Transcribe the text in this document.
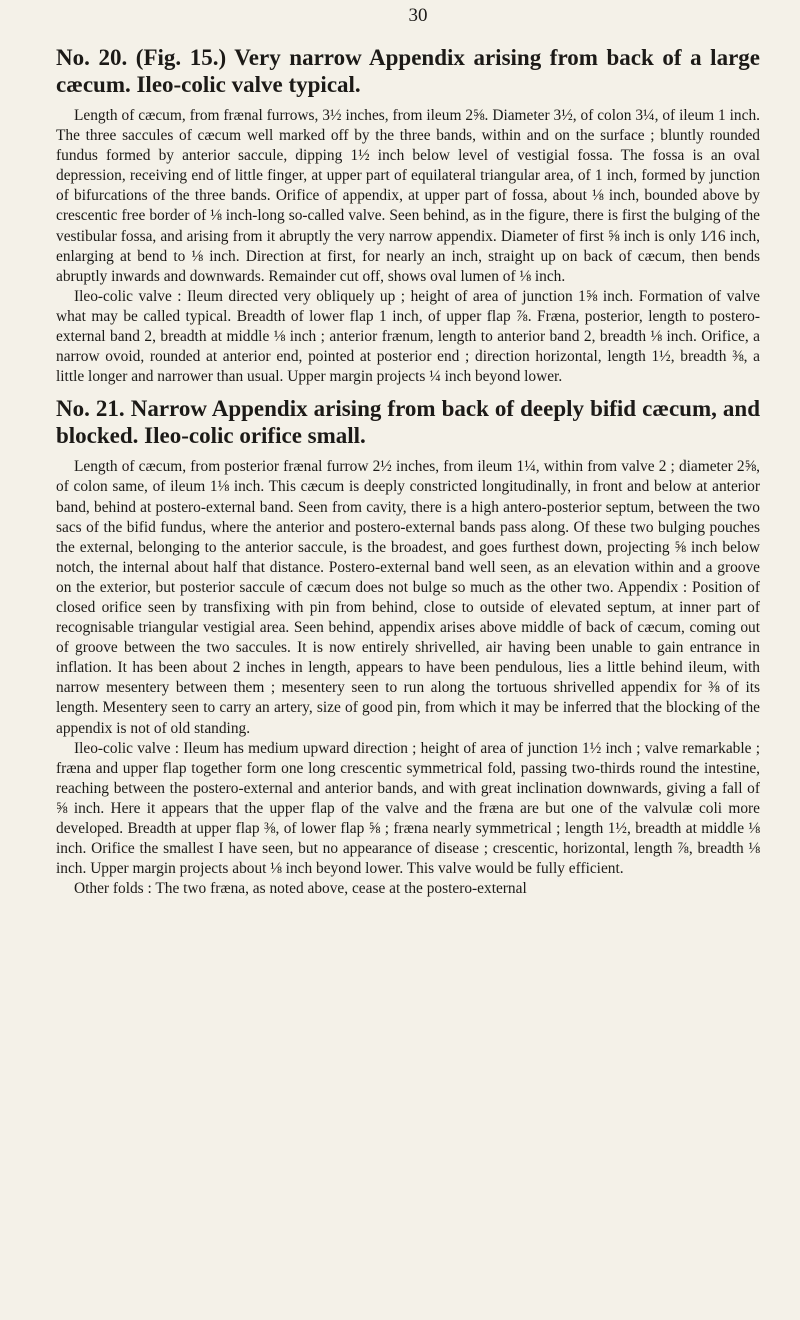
30
No. 20. (Fig. 15.) Very narrow Appendix arising from back of a large cæcum. Ileo-colic valve typical.

Length of cæcum, from frænal furrows, 3½ inches, from ileum 2⅝. Diameter 3½, of colon 3¼, of ileum 1 inch. The three saccules of cæcum well marked off by the three bands, within and on the surface ; bluntly rounded fundus formed by anterior saccule, dipping 1½ inch below level of vestigial fossa. The fossa is an oval depression, receiving end of little finger, at upper part of equilateral triangular area, of 1 inch, formed by junction of bifurcations of the three bands. Orifice of appendix, at upper part of fossa, about ⅛ inch, bounded above by crescentic free border of ⅛ inch-long so-called valve. Seen behind, as in the figure, there is first the bulging of the vestibular fossa, and arising from it abruptly the very narrow appendix. Diameter of first ⅝ inch is only 1⁄16 inch, enlarging at bend to ⅛ inch. Direction at first, for nearly an inch, straight up on back of cæcum, then bends abruptly inwards and downwards. Remainder cut off, shows oval lumen of ⅛ inch.

Ileo-colic valve : Ileum directed very obliquely up ; height of area of junction 1⅝ inch. Formation of valve what may be called typical. Breadth of lower flap 1 inch, of upper flap ⅞. Fræna, posterior, length to postero-external band 2, breadth at middle ⅛ inch ; anterior frænum, length to anterior band 2, breadth ⅛ inch. Orifice, a narrow ovoid, rounded at anterior end, pointed at posterior end ; direction horizontal, length 1½, breadth ⅜, a little longer and narrower than usual. Upper margin projects ¼ inch beyond lower.

No. 21. Narrow Appendix arising from back of deeply bifid cæcum, and blocked. Ileo-colic orifice small.

Length of cæcum, from posterior frænal furrow 2½ inches, from ileum 1¼, within from valve 2 ; diameter 2⅝, of colon same, of ileum 1⅛ inch. This cæcum is deeply constricted longitudinally, in front and below at anterior band, behind at postero-external band. Seen from cavity, there is a high antero-posterior septum, between the two sacs of the bifid fundus, where the anterior and postero-external bands pass along. Of these two bulging pouches the external, belonging to the anterior saccule, is the broadest, and goes furthest down, projecting ⅝ inch below notch, the internal about half that distance. Postero-external band well seen, as an elevation within and a groove on the exterior, but posterior saccule of cæcum does not bulge so much as the other two. Appendix : Position of closed orifice seen by transfixing with pin from behind, close to outside of elevated septum, at inner part of recognisable triangular vestigial area. Seen behind, appendix arises above middle of back of cæcum, coming out of groove between the two saccules. It is now entirely shrivelled, air having been unable to gain entrance in inflation. It has been about 2 inches in length, appears to have been pendulous, lies a little behind ileum, with narrow mesentery between them ; mesentery seen to run along the tortuous shrivelled appendix for ⅜ of its length. Mesentery seen to carry an artery, size of good pin, from which it may be inferred that the blocking of the appendix is not of old standing.

Ileo-colic valve : Ileum has medium upward direction ; height of area of junction 1½ inch ; valve remarkable ; fræna and upper flap together form one long crescentic symmetrical fold, passing two-thirds round the intestine, reaching between the postero-external and anterior bands, and with great inclination downwards, giving a fall of ⅝ inch. Here it appears that the upper flap of the valve and the fræna are but one of the valvulæ coli more developed. Breadth at upper flap ⅜, of lower flap ⅝ ; fræna nearly symmetrical ; length 1½, breadth at middle ⅛ inch. Orifice the smallest I have seen, but no appearance of disease ; crescentic, horizontal, length ⅞, breadth ⅛ inch. Upper margin projects about ⅛ inch beyond lower. This valve would be fully efficient.

Other folds : The two fræna, as noted above, cease at the postero-external
